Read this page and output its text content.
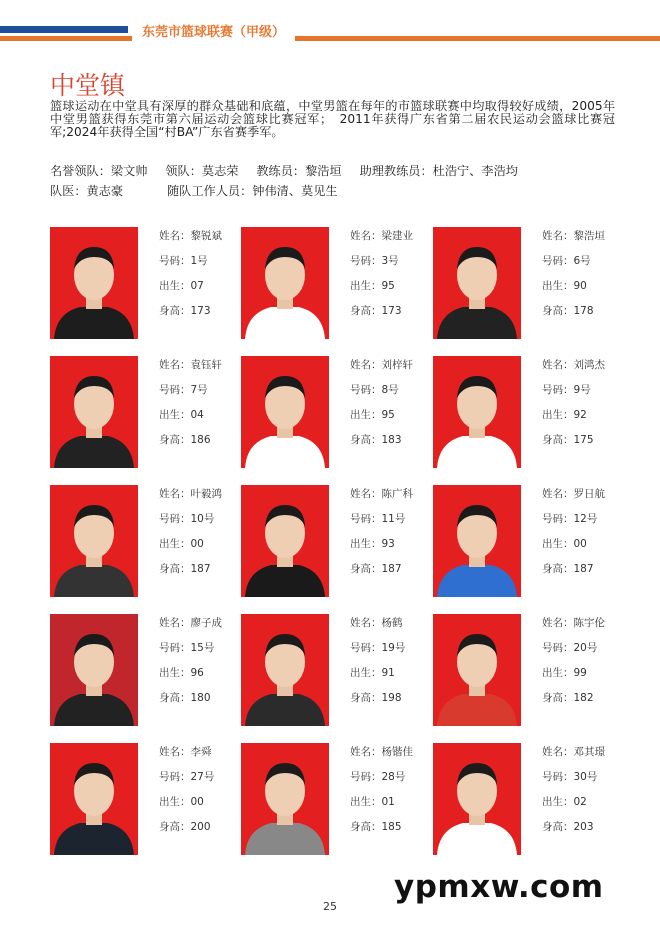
东莞市篮球联赛（甲级）
中堂镇
篮球运动在中堂具有深厚的群众基础和底蕴，中堂男篮在每年的市篮球联赛中均取得较好成绩，2005年中堂男篮获得东莞市第六届运动会篮球比赛冠军；　2011年获得广东省第二届农民运动会篮球比赛冠军;2024年获得全国“村BA”广东省赛季军。
名誉领队：梁文帅 领队：莫志荣 教练员：黎浩垣 助理教练员：杜浩宁、李浩均
队医：黄志豪	随队工作人员：钟伟清、莫见生
姓名：黎锐斌
号码：1号
出生：07
身高：173
姓名：梁建业
号码：3号
出生：95
身高：173
姓名：黎浩垣
号码：6号
出生：90
身高：178
姓名：袁钰轩
号码：7号
出生：04
身高：186
姓名：刘梓轩
号码：8号
出生：95
身高：183
姓名：刘鸿杰
号码：9号
出生：92
身高：175
姓名：叶毅鸿
号码：10号
出生：00
身高：187
姓名：陈广科
号码：11号
出生：93
身高：187
姓名：罗日航
号码：12号
出生：00
身高：187
姓名：廖子成
号码：15号
出生：96
身高：180
姓名：杨鹤
号码：19号
出生：91
身高：198
姓名：陈宇伦
号码：20号
出生：99
身高：182
姓名：李舜
号码：27号
出生：00
身高：200
姓名：杨锴佳
号码：28号
出生：01
身高：185
姓名：邓其璟
号码：30号
出生：02
身高：203
25
ypmxw.com
